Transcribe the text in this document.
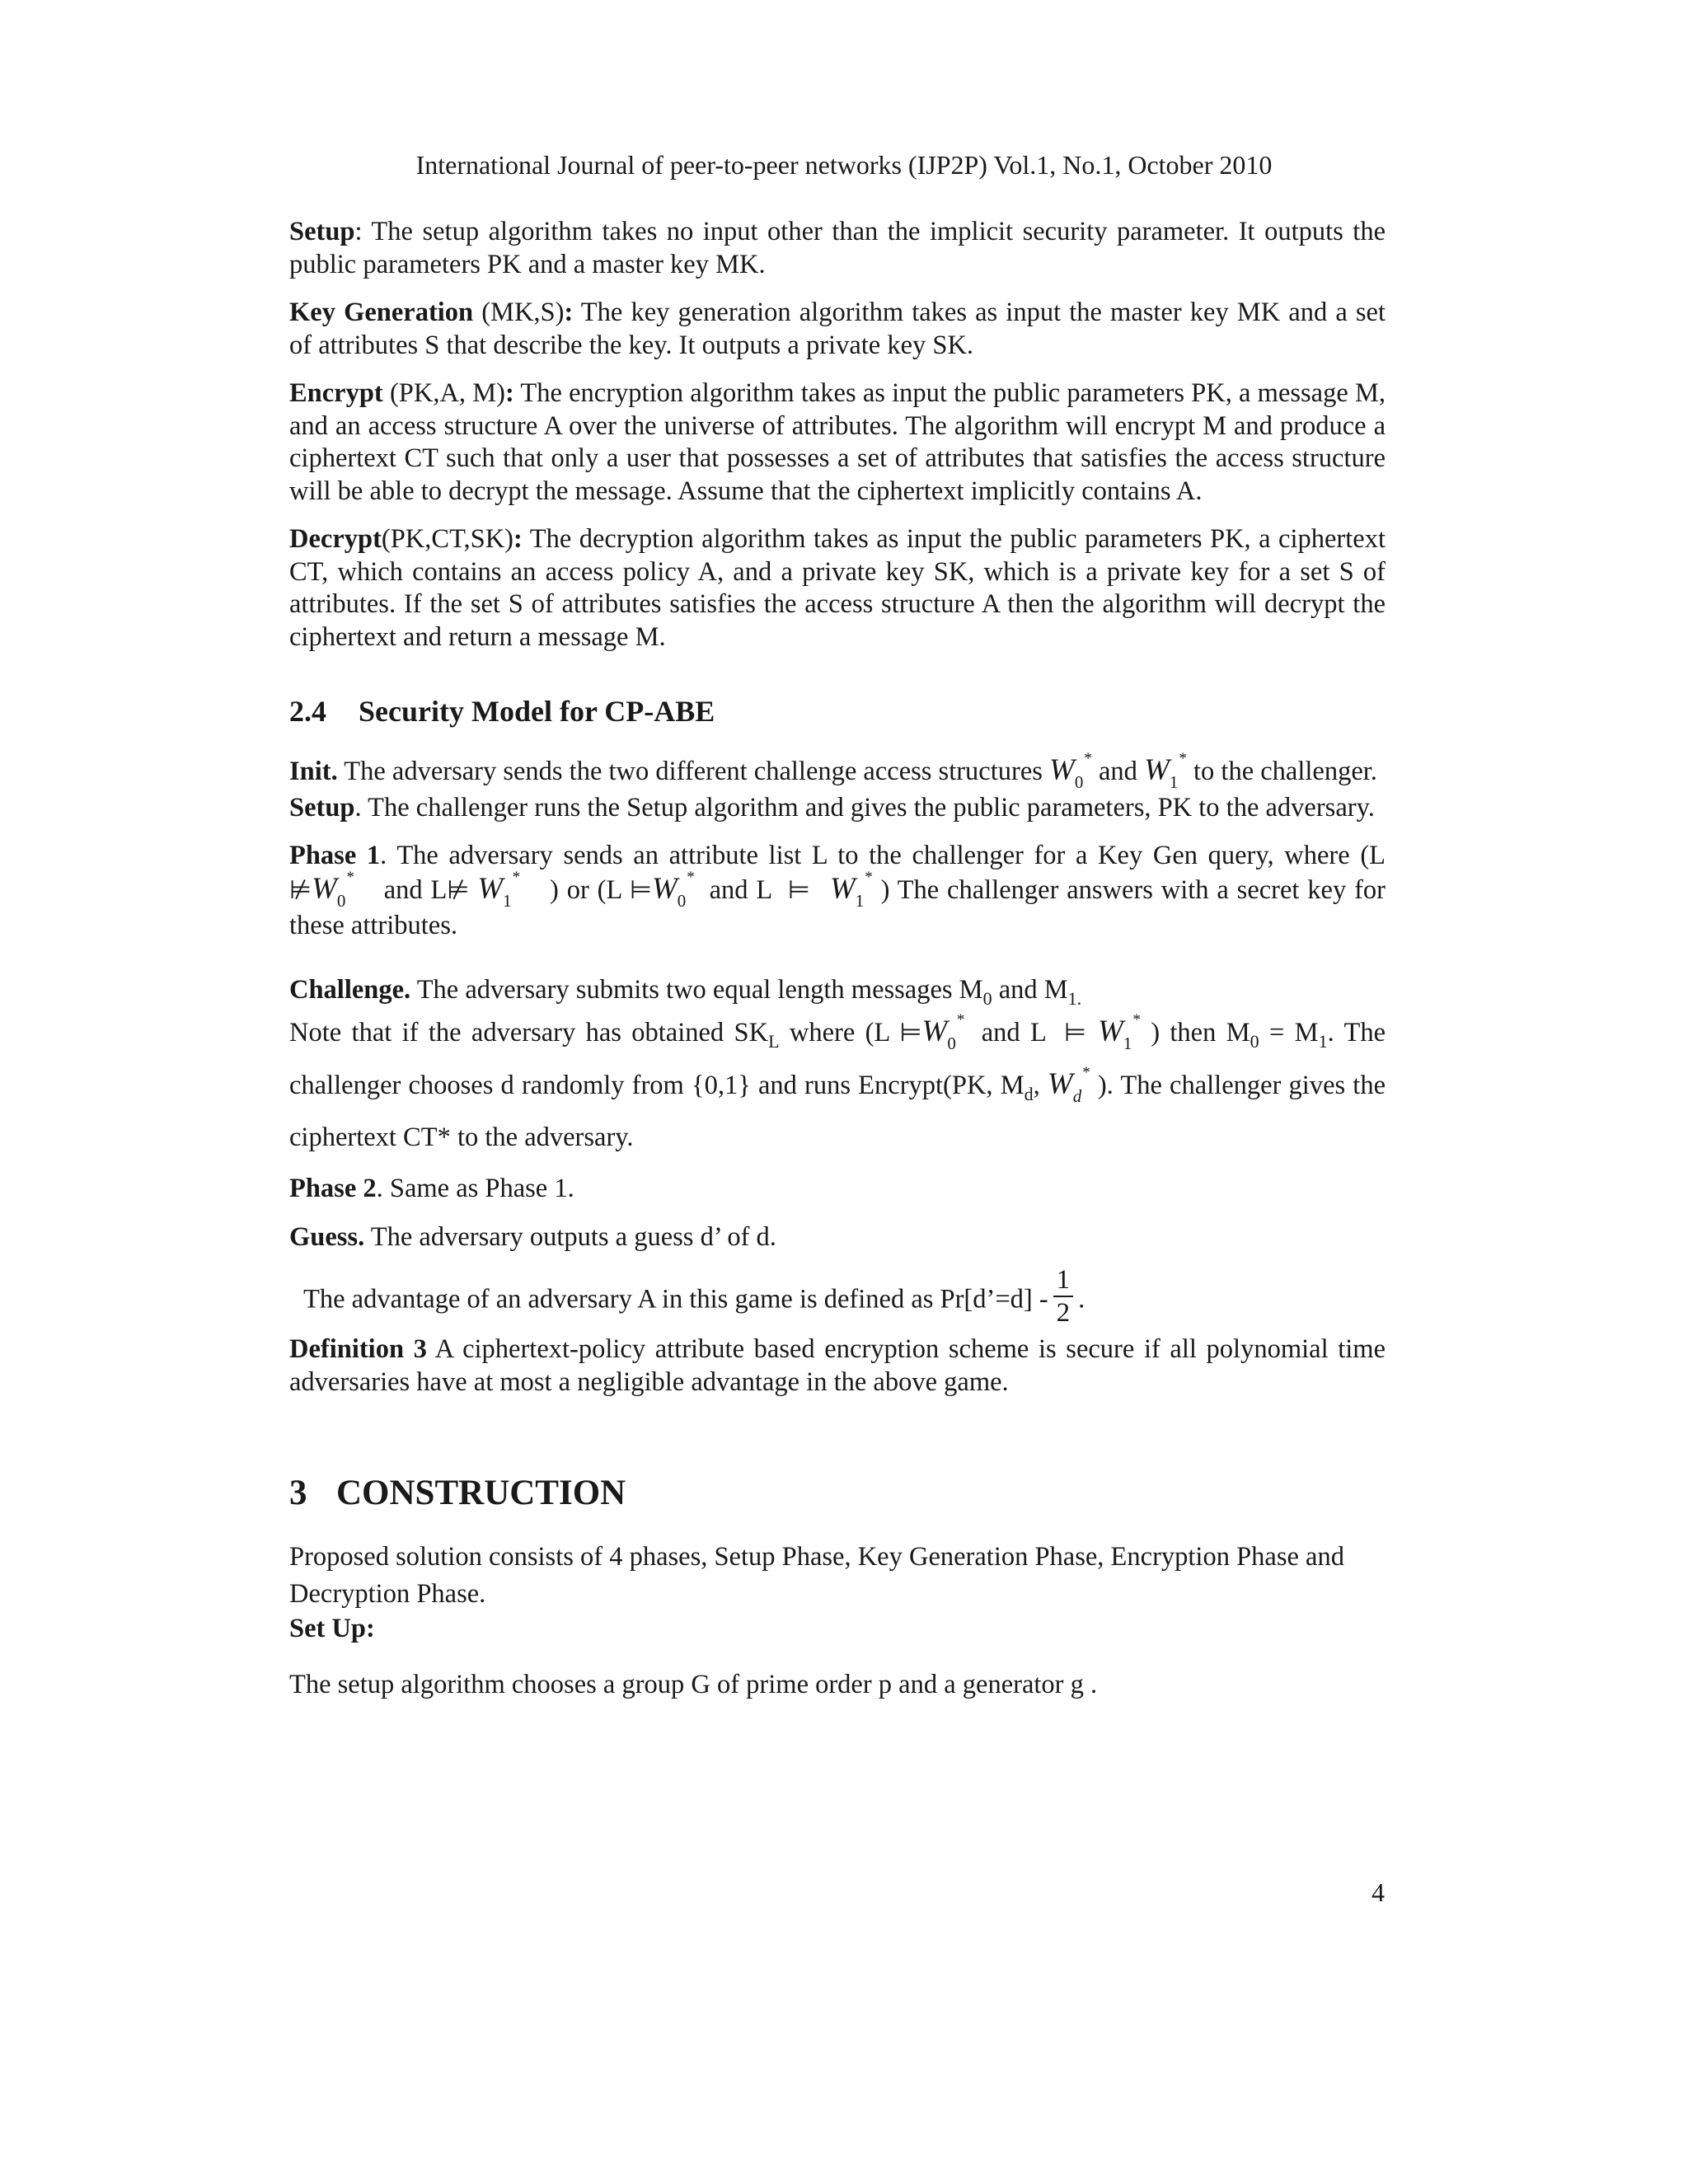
International Journal of peer-to-peer networks (IJP2P) Vol.1, No.1, October 2010

Setup: The setup algorithm takes no input other than the implicit security parameter. It outputs the public parameters PK and a master key MK.

Key Generation (MK,S): The key generation algorithm takes as input the master key MK and a set of attributes S that describe the key. It outputs a private key SK.

Encrypt (PK,A, M): The encryption algorithm takes as input the public parameters PK, a message M, and an access structure A over the universe of attributes. The algorithm will encrypt M and produce a ciphertext CT such that only a user that possesses a set of attributes that satisfies the access structure will be able to decrypt the message. Assume that the ciphertext implicitly contains A.

Decrypt(PK,CT,SK): The decryption algorithm takes as input the public parameters PK, a ciphertext CT, which contains an access policy A, and a private key SK, which is a private key for a set S of attributes. If the set S of attributes satisfies the access structure A then the algorithm will decrypt the ciphertext and return a message M.

2.4 Security Model for CP-ABE

Init. The adversary sends the two different challenge access structures $W_0^*$ and $W_1^*$ to the challenger.

Setup. The challenger runs the Setup algorithm and gives the public parameters, PK to the adversary.

Phase 1. The adversary sends an attribute list L to the challenger for a Key Gen query, where (L $⊭W_0^*$ and L⊭ $W_1^*$ ) or (L $⊨W_0^*$ and L ⊨ $W_1^*$ ) The challenger answers with a secret key for these attributes.

Challenge. The adversary submits two equal length messages $M_0$ and $M_{1.}$

Note that if the adversary has obtained $SK_L$ where (L $⊨W_0^*$ and L ⊨ $W_1^*$ ) then $M_0 = M_1$. The challenger chooses d randomly from {0,1} and runs Encrypt(PK, $M_d$, $W_d^*$ ). The challenger gives the ciphertext CT* to the adversary.

Phase 2. Same as Phase 1.

Guess. The adversary outputs a guess d’ of d.

The advantage of an adversary A in this game is defined as Pr[d’=d] - $\frac{1}{2}$ .

Definition 3 A ciphertext-policy attribute based encryption scheme is secure if all polynomial time adversaries have at most a negligible advantage in the above game.

3 CONSTRUCTION

Proposed solution consists of 4 phases, Setup Phase, Key Generation Phase, Encryption Phase and Decryption Phase.

Set Up:

The setup algorithm chooses a group G of prime order p and a generator g .

4
